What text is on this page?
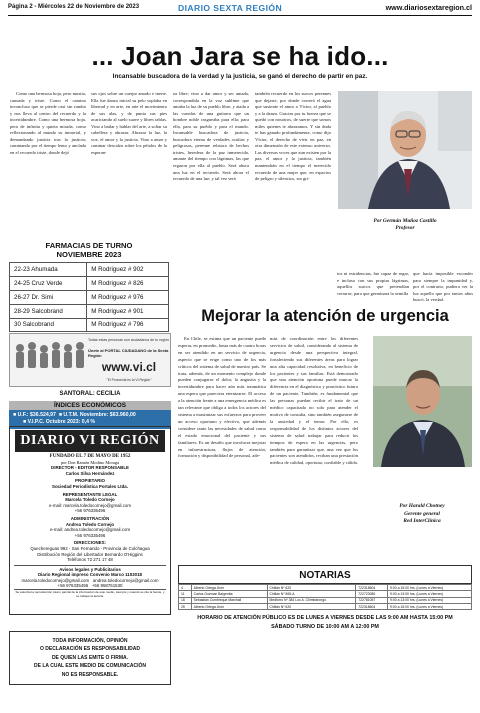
Página 2 - Miércoles 22 de Noviembre de 2023	DIARIO SEXTA REGIÓN	www.diariosextaregion.cl
... Joan Jara se ha ido...
Incansable buscadora de la verdad y la justicia, se ganó el derecho de partir en paz.

Como una hermosa hoja, pero mustia, cansada y triste. Como el camino inconcluso que se pierde casi sin rumbo y nos lleva al centro del recuerdo y la incertidumbre. Como una hermosa hoja, pero de infinita y quieta mirada, como reflexionando al mundo su inmortal, y demandando justicia tras la justicia; caminando por el tiempo lento y anclada en el recuerdo triste, donde dejó

sus ojos sobre un cuerpo amado e inerte. Ella fue danza inicial su pelo soplaba en libertad y en arte, en arte el movimiento de sus alas, y de punta sus pies acariciando al suelo suave y libres tablas. Vino a bailar y hablar del arte, a soltar su cabellera y abrazar. Abrazar la luz, la voz, el amor y la justicia. Vino a amar y caminar descalza sobre los pétalos de la esperan-

za libre; vino a dar amor y ser amada, correspondida en la voz sublime que amaba la luz de su pueblo libre, y atada a las cuerdas de una guitarra que un hombre noble rasgueaba para ella; para ella, para su pueblo y para el mundo. Incansable buscadora de justicia, buscadora eterna de verdades ocultas y peligrosas, perenne relatora de hechos tristes, heredera de la paz inmerecida, amante del tiempo con lágrimas, las que regaron por ella al pueblo. Será ahora una luz en el recuerdo. Será ahora el recuerdo de una luz; y tal vez será

también recuerdo en los surcos perennes que dejaste, por donde correrá el agua que sustente el amor a Víctor, al pueblo y a la danza. Gracias por tu fuerza que se quedó con nosotros, de suerte que somos miles quienes te abrazamos. Y sin duda te has ganado profundamente, como dijo Víctor, el derecho de vivir en paz, en otra dimensión de este extenso universo. Las diversas voces que aun existen por la paz, el amor y la justicia, también mantendrán en el tiempo el merecido recuerdo de una mujer que, en espacios de peligro y silencios, sin gri-

tos ni estridencias, fue capaz de regar, e incluso con sus propias lágrimas, aquellos surcos que pretendían cerrarse, para que germinara la semilla

que hacía imposible esconder para siempre la impunidad y, por el contrario, pudiera ver la luz aquello que por tantos años buscó, la verdad.

Por Germán Muñoz Castillo
Profesor
FARMACIAS DE TURNO
NOVIEMBRE 2023
22-23 Ahumada	M Rodriguez # 902
24-25 Cruz Verde	M Rodriguez # 826
26-27 Dr. Simi	M Rodriguez # 976
28-29 Salcobrand	M Rodriguez # 901
30 Salcobrand	M Rodriguez # 796
Todas estas personas son ciudadanos de tu región
Únete al PORTAL CIUDADANO de la Sexta Región
www.vi.cl
"El Poncecial es la VI Región"
SANTORAL: CECILIA
ÍNDICES ECONÓMICOS
■ U.F.: $36.524,97 ■ U.T.M. Noviembre: $63.960,00
■ V.I.P.C. Octubre 2023: 0,4 %
DIARIO VI REGIÓN
FUNDADO EL 7 DE MAYO DE 1952
por Don Ramón Modino Moraga
DIRECTOR - EDITOR RESPONSABLE
Carlos Silva Hernández
PROPIETARIO
Sociedad Periodística Portales Ltda.
REPRESENTANTE LEGAL
Marcela Toledo Cornejo
e-mail: marcela.toledocornejo@gmail.com
+56 976335496
ADMINISTRACIÓN
Andrea Toledo Cornejo
e-mail: andrea.toledocornejo@gmail.com
+56 976335496
DIRECCIONES:
Quechereguas 992 - San Fernando - Provincia de Colchagua
Distribución Región del Libertador Bernardo O'Higgins
Teléfonos 72 271 17 48
Avisos legales y Publicitarios
Diario Regional impreso Convenio Marco 1102018
marcela.toledocornejo@gmail.com andrea.toledocornejo@gmail.com
+56 976335496 +56 958761530
Se autoriza la reproducción total o parcial de la información de este medio, siempre y cuando se cite la fuente, y se indique la autoría.
TODA INFORMACIÓN, OPINIÓN
O DECLARACIÓN ES RESPONSABILIDAD
DE QUIEN LAS EMITE O FIRMA.
DE LA CUAL ESTE MEDIO DE COMUNICACIÓN
NO ES RESPONSABLE.
Mejorar la atención de urgencia

En Chile, se estima que un paciente puede esperar, en promedio, hasta más de cuatro horas en ser atendido en un servicio de urgencia, aspecto que se erige como uno de los más críticos del sistema de salud de nuestro país. Se trata, además, de un momento complejo donde pueden conjugarse el dolor, la angustia y la incertidumbre para hacer aún más traumática una espera que pareciera eternizarse. El acceso a la atención frente a una emergencia médica es tan relevante que obliga a todos los actores del sistema a maximizar sus esfuerzos para proveer un acceso oportuno y efectivo, que además considere tanto las necesidades de salud como el estado emocional del paciente y sus familiares. Es un desafío que involucra mejorar en infraestructura, flujos de atención, formación y disponibilidad de personal, ade-

más de coordinación entre los diferentes servicios de salud, considerando al sistema de urgencia desde una perspectiva integral, fortaleciendo sus diferentes áreas para lograr una alta capacidad resolutiva, en beneficio de los pacientes y sus familias. Está demostrado que una atención oportuna puede marcar la diferencia en el diagnóstico y pronóstico futuro de un paciente. También, es fundamental que las personas puedan recibir el trato de un médico capacitado no solo para atender el motivo de consulta, sino también asegurarse de la ansiedad y el temor. Por ello, es responsabilidad de los distintos actores del sistema de salud trabajar para reducir los tiempos de espera en las urgencias, pero también para garantizar que, una vez que los pacientes son atendidos, reciban una prestación médica de calidad, oportuna, confiable y cálida.

Por Harald Chotney
Gerente general
Red InterClínica
NOTARIAS
4	Alberto Ortega Jirón	Chillán Nº 620	722318604	9:00 a 15:00 hrs. (Lunes a Viernes)
11	Carlos Guzman Balgentta	Chillán Nº 565-A	722723080	9:00 a 13:00 hrs. (Lunes a Viernes)
18	Sebastián Cumbreque Marchall	Medforro Nº 384 Loc A. Chimbarongo	722781057	9:00 a 13:00 hrs. (Lunes a Viernes)
25	Alberto Ortega Jirón	Chillán Nº 620	722318604	9:00 a 15:00 hrs. (Lunes a Viernes)
HORARIO DE ATENCIÓN PÚBLICO ES DE LUNES A VIERNES DESDE LAS 9:00 AM HASTA 15:00 PM
SÁBADO TURNO DE 10:00 AM A 12:00 PM
